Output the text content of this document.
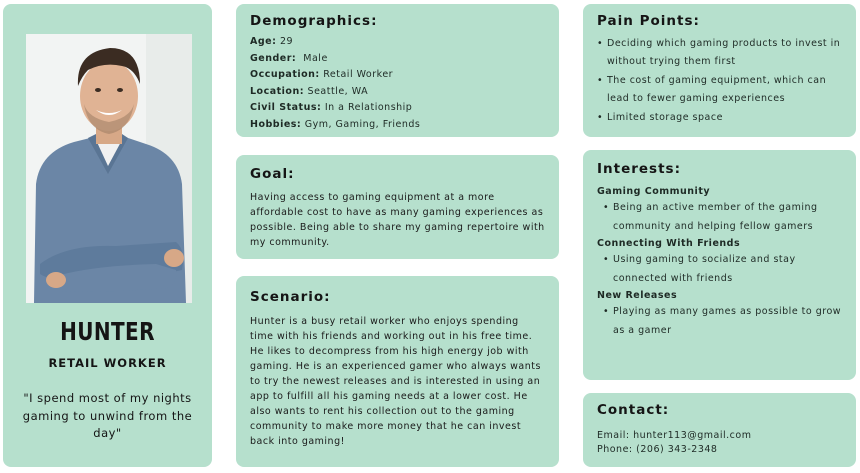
HUNTER
RETAIL WORKER
"I spend most of my nights gaming to unwind from the day"
Demographics:
Age: 29
Gender: Male
Occupation: Retail Worker
Location: Seattle, WA
Civil Status: In a Relationship
Hobbies: Gym, Gaming, Friends
Goal:

Having access to gaming equipment at a more affordable cost to have as many gaming experiences as possible. Being able to share my gaming repertoire with my community.

Scenario:

Hunter is a busy retail worker who enjoys spending time with his friends and working out in his free time. He likes to decompress from his high energy job with gaming. He is an experienced gamer who always wants to try the newest releases and is interested in using an app to fulfill all his gaming needs at a lower cost. He also wants to rent his collection out to the gaming community to make more money that he can invest back into gaming!

Pain Points:
• Deciding which gaming products to invest in without trying them first
• The cost of gaming equipment, which can lead to fewer gaming experiences
• Limited storage space
Interests:
Gaming Community
• Being an active member of the gaming community and helping fellow gamers
Connecting With Friends
• Using gaming to socialize and stay connected with friends
New Releases
• Playing as many games as possible to grow as a gamer
Contact:
Email: hunter113@gmail.com
Phone: (206) 343-2348
